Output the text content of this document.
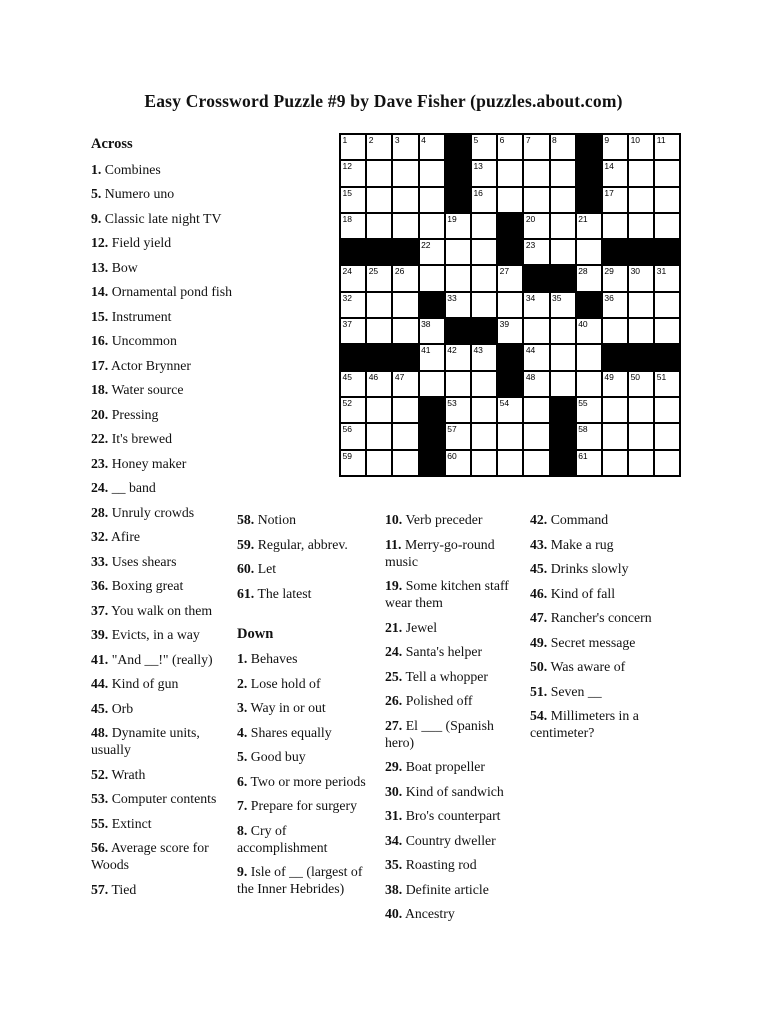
Easy Crossword Puzzle #9 by Dave Fisher (puzzles.about.com)
1	2	3	4	5	6	7	8	9	10 11
12	13	14
15	16	17
18	19	20	21
22	23
24 25 26	27	28 29 30 31
32	33	34 35	36
37	38	39	40
41 42 43	44
45 46 47	48	49 50 51
52	53	54	55
56	57	58
59	60	61
Across

1. Combines

5. Numero uno

9. Classic late night TV

12. Field yield

13. Bow

14. Ornamental pond fish

15. Instrument

16. Uncommon

17. Actor Brynner

18. Water source

20. Pressing

22. It's brewed

23. Honey maker

24. __ band

28. Unruly crowds

32. Afire

33. Uses shears

36. Boxing great

37. You walk on them

39. Evicts, in a way

41. "And __!" (really)

44. Kind of gun

45. Orb

48. Dynamite units, usually

52. Wrath

53. Computer contents

55. Extinct

56. Average score for Woods

57. Tied

58. Notion

59. Regular, abbrev.

60. Let

61. The latest

Down

1. Behaves

2. Lose hold of

3. Way in or out

4. Shares equally

5. Good buy

6. Two or more periods

7. Prepare for surgery

8. Cry of accomplishment

9. Isle of __ (largest of the Inner Hebrides)

10. Verb preceder

11. Merry-go-round music

19. Some kitchen staff wear them

21. Jewel

24. Santa's helper

25. Tell a whopper

26. Polished off

27. El ___ (Spanish hero)

29. Boat propeller

30. Kind of sandwich

31. Bro's counterpart

34. Country dweller

35. Roasting rod

38. Definite article

40. Ancestry

42. Command

43. Make a rug

45. Drinks slowly

46. Kind of fall

47. Rancher's concern

49. Secret message

50. Was aware of

51. Seven __

54. Millimeters in a centimeter?
